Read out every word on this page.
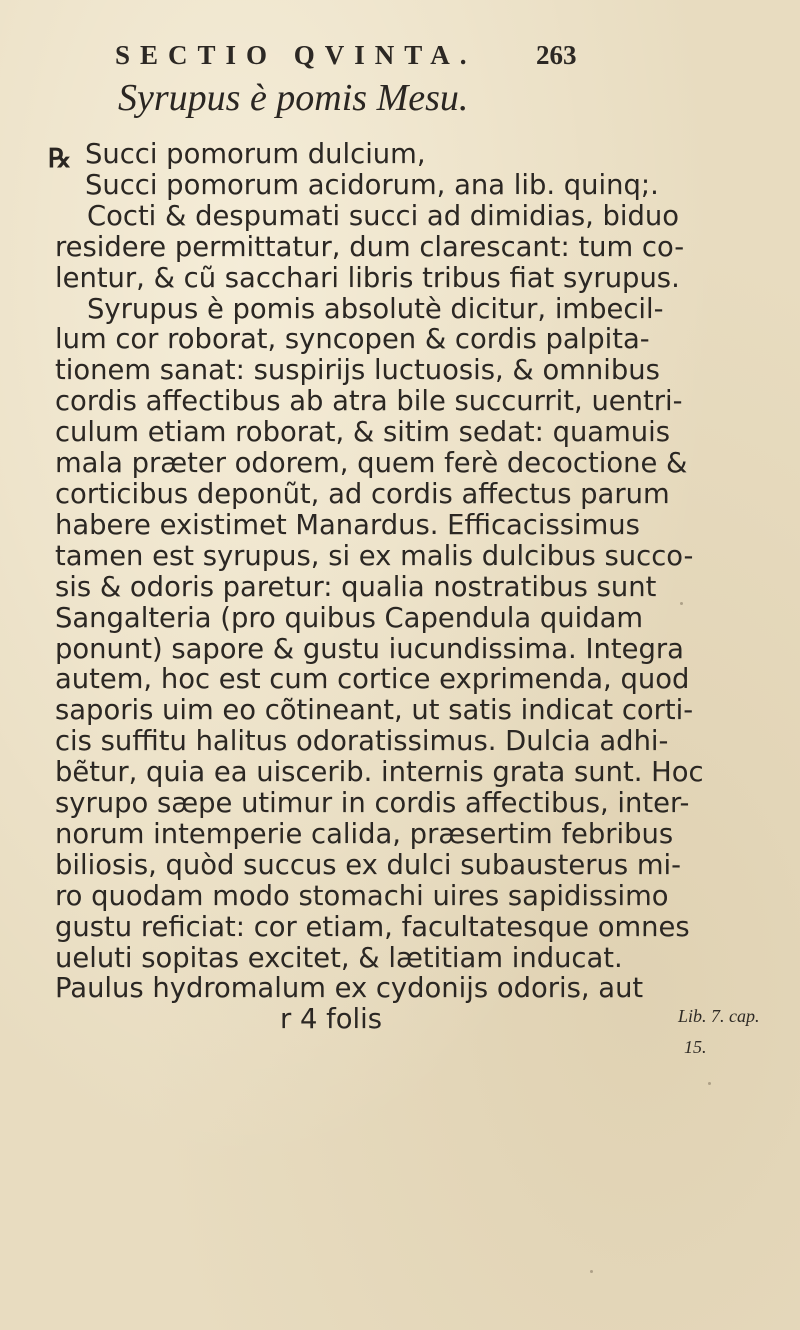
SECTIO QVINTA. 263
Syrupus è pomis Mesu.
℞ Succi pomorum dulcium,
Succi pomorum acidorum, ana lib. quinq;.
Cocti & despumati succi ad dimidias, biduo
residere permittatur, dum clarescant: tum co-
lentur, & cũ sacchari libris tribus fiat syrupus.
Syrupus è pomis absolutè dicitur, imbecil-
lum cor roborat, syncopen & cordis palpita-
tionem sanat: suspirijs luctuosis, & omnibus
cordis affectibus ab atra bile succurrit, uentri-
culum etiam roborat, & sitim sedat: quamuis
mala præter odorem, quem ferè decoctione &
corticibus deponũt, ad cordis affectus parum
habere existimet Manardus. Efficacissimus
tamen est syrupus, si ex malis dulcibus succo-
sis & odoris paretur: qualia nostratibus sunt
Sangalteria (pro quibus Capendula quidam
ponunt) sapore & gustu iucundissima. Integra
autem, hoc est cum cortice exprimenda, quod
saporis uim eo cõtineant, ut satis indicat corti-
cis suffitu halitus odoratissimus. Dulcia adhi-
bẽtur, quia ea uiscerib. internis grata sunt. Hoc
syrupo sæpe utimur in cordis affectibus, inter-
norum intemperie calida, præsertim febribus
biliosis, quòd succus ex dulci subausterus mi-
ro quodam modo stomachi uires sapidissimo
gustu reficiat: cor etiam, facultatesque omnes
ueluti sopitas excitet, & lætitiam inducat.
Paulus hydromalum ex cydonijs odoris, aut
r 4 folis	Lib. 7. cap.
15.
